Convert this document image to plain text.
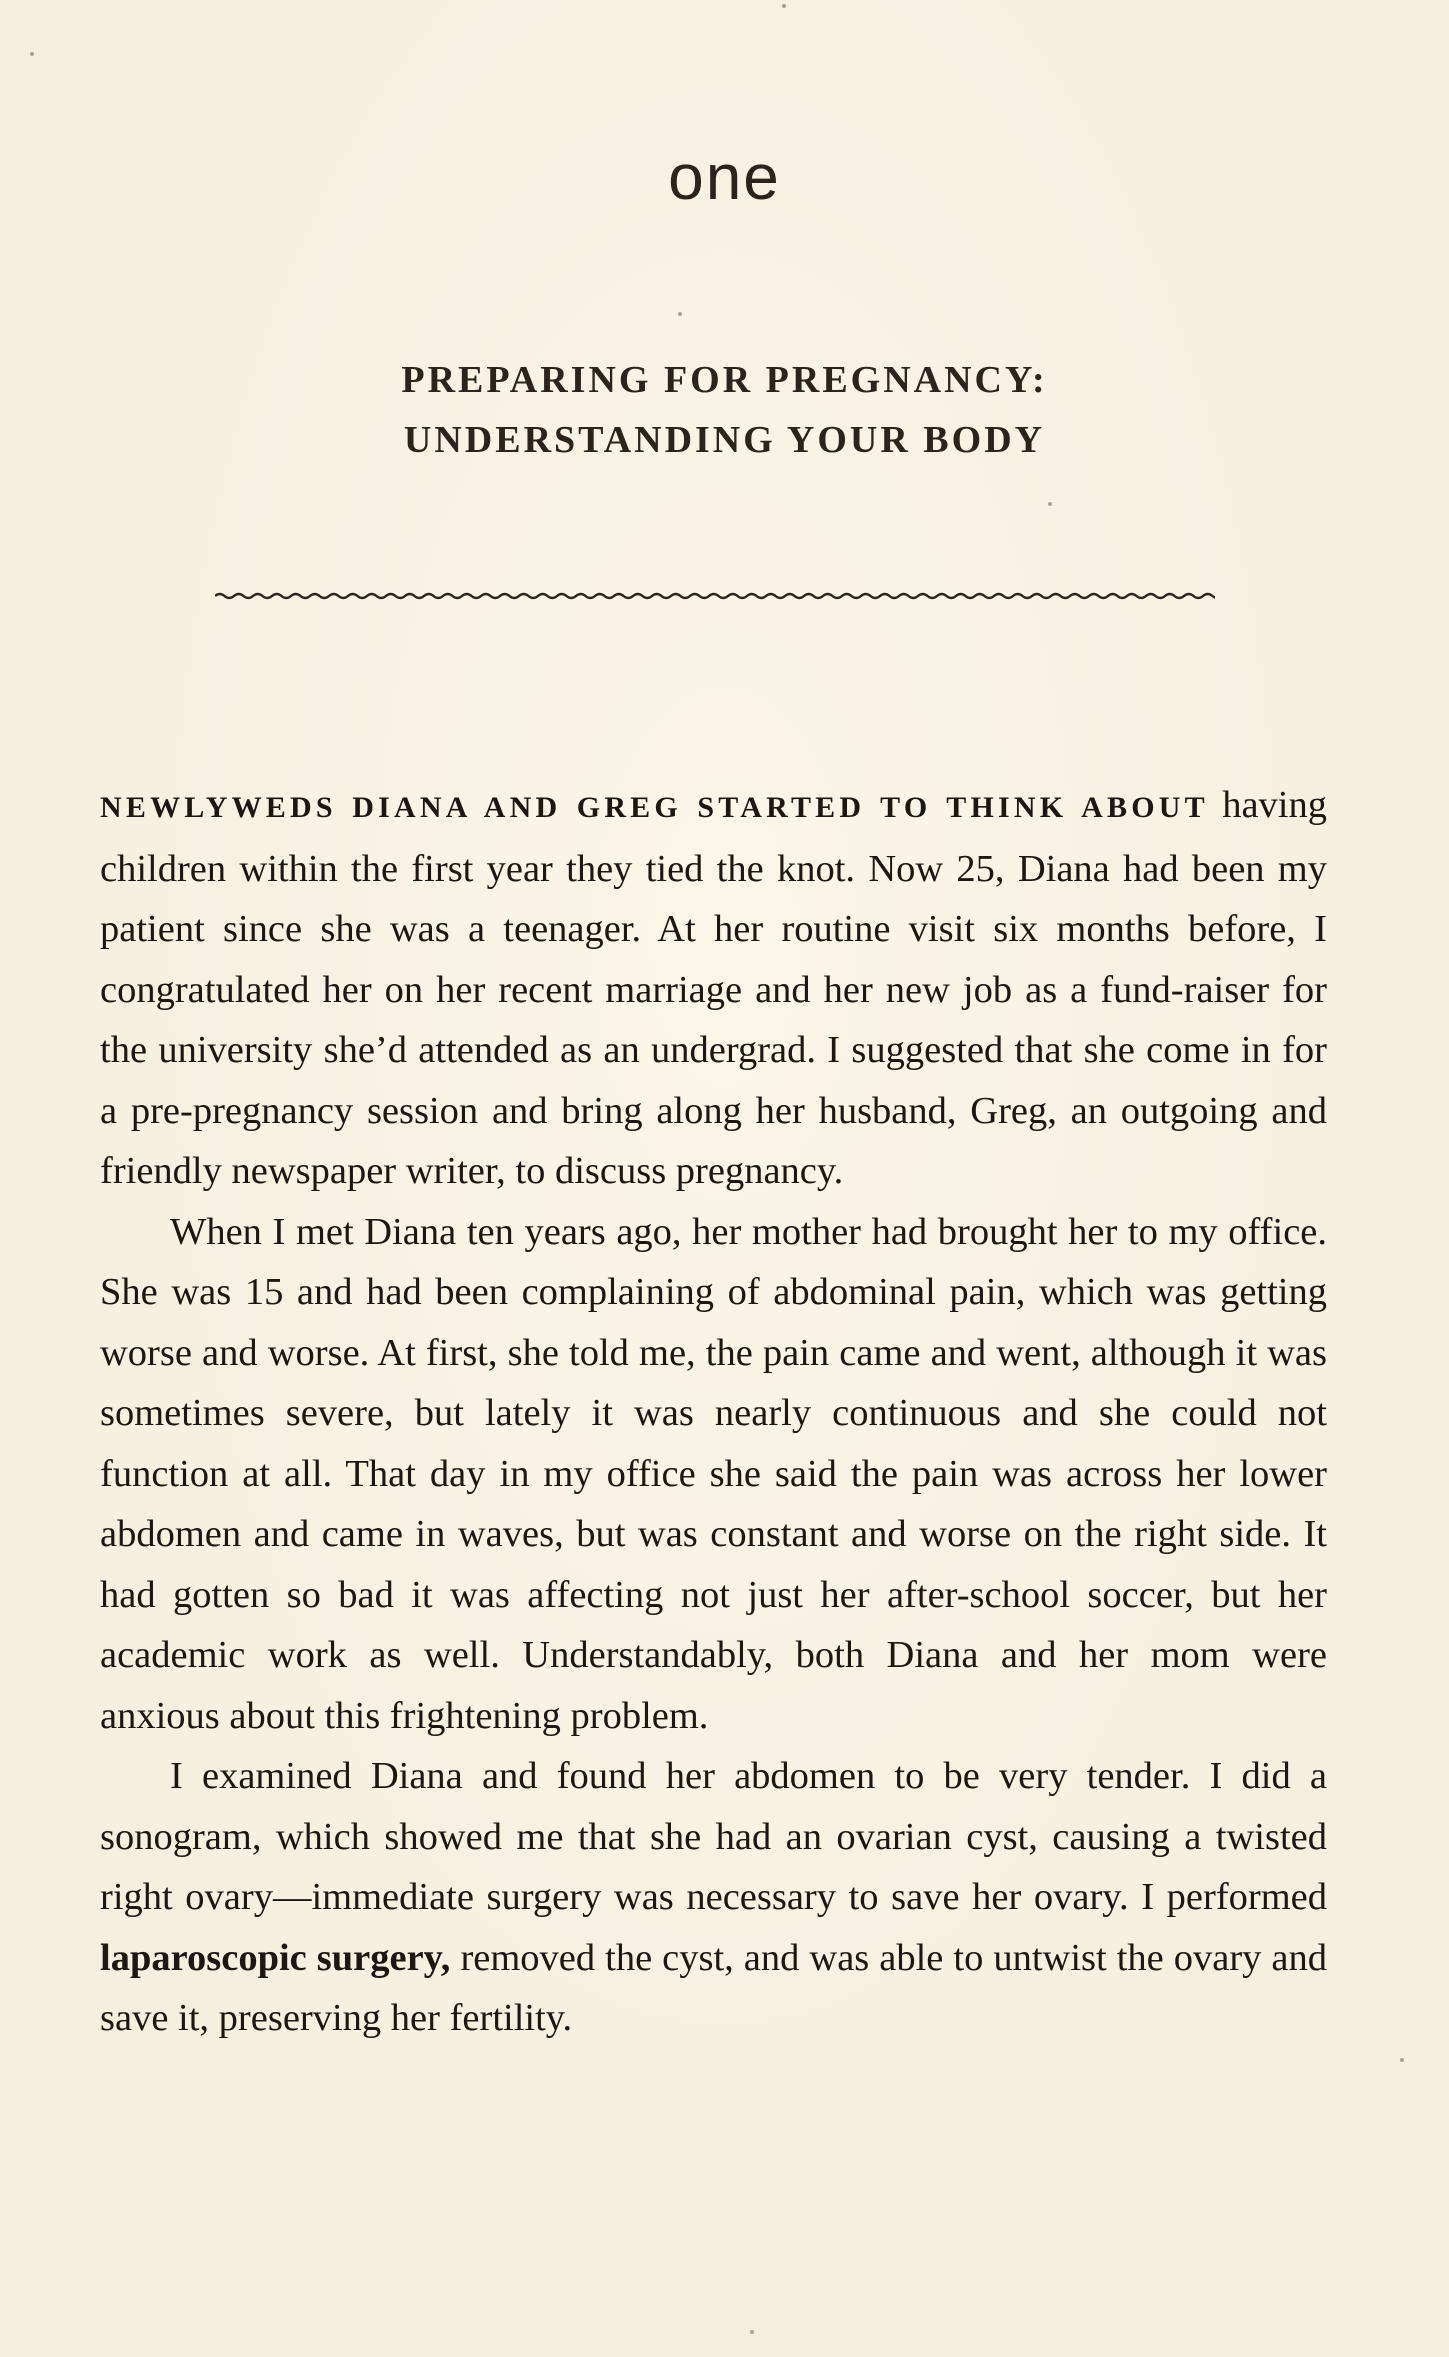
one
PREPARING FOR PREGNANCY:
UNDERSTANDING YOUR BODY

NEWLYWEDS DIANA AND GREG STARTED TO THINK ABOUT having children within the first year they tied the knot. Now 25, Diana had been my patient since she was a teenager. At her routine visit six months before, I congratulated her on her recent marriage and her new job as a fund-raiser for the university she’d attended as an undergrad. I suggested that she come in for a pre-pregnancy session and bring along her husband, Greg, an outgoing and friendly newspaper writer, to discuss pregnancy.

When I met Diana ten years ago, her mother had brought her to my office. She was 15 and had been complaining of abdominal pain, which was getting worse and worse. At first, she told me, the pain came and went, although it was sometimes severe, but lately it was nearly continuous and she could not function at all. That day in my office she said the pain was across her lower abdomen and came in waves, but was constant and worse on the right side. It had gotten so bad it was affecting not just her after-school soccer, but her academic work as well. Understandably, both Diana and her mom were anxious about this frightening problem.

I examined Diana and found her abdomen to be very tender. I did a sonogram, which showed me that she had an ovarian cyst, causing a twisted right ovary—immediate surgery was necessary to save her ovary. I performed laparoscopic surgery, removed the cyst, and was able to untwist the ovary and save it, preserving her fertility.
